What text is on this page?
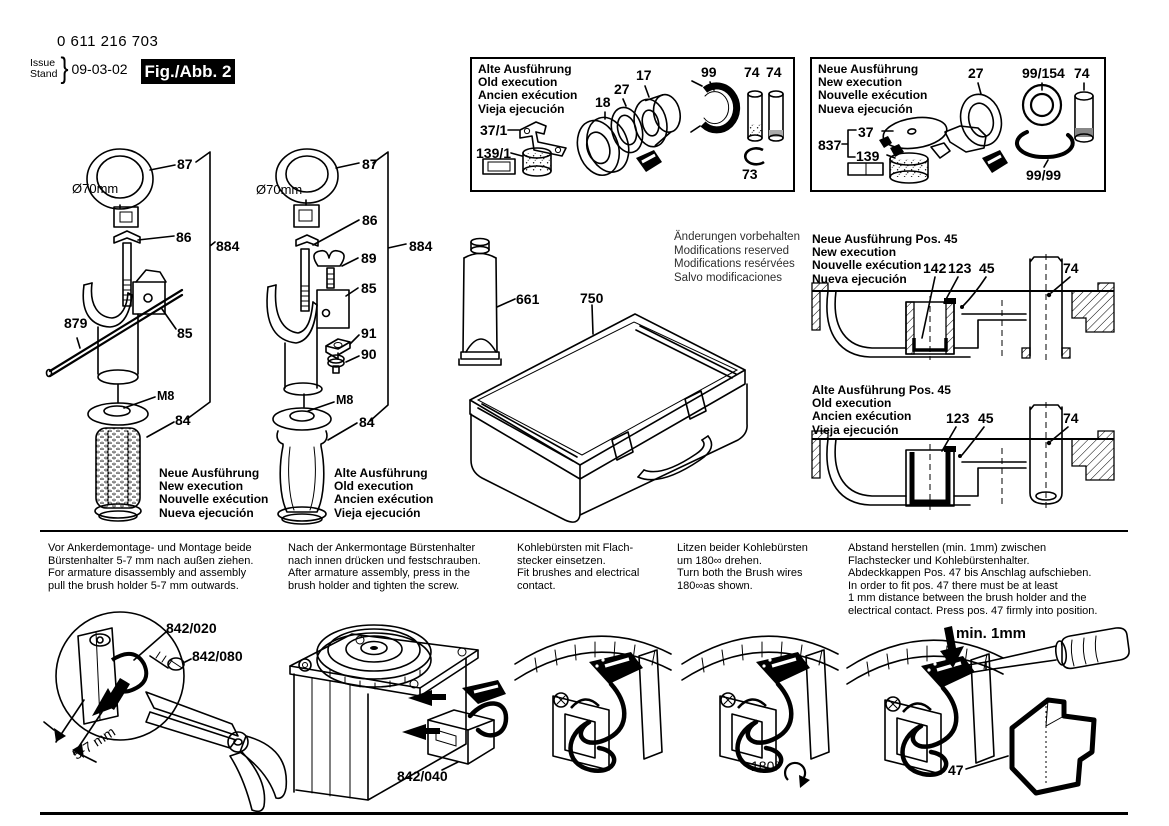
0 611 216 703
Issue
Stand } 09-03-02 Fig./Abb. 2
Ø70mm
87
86
884
879
85
M8
84
Neue Ausführung
New execution
Nouvelle exécution
Nueva ejecución
Ø70mm
87
86
884
89
85
91
90
M8
84
Alte Ausführung
Old execution
Ancien exécution
Vieja ejecución
Alte Ausführung
Old execution
Ancien exécution
Vieja ejecución
37/1
139/1
18
27
17	99 74 74
73
Neue Ausführung
New execution
Nouvelle exécution
Nueva ejecución
837
37
139
27	99/154 74
99/99
661	750
Änderungen vorbehalten
Modifications reserved
Modifications resérvées
Salvo modificaciones
Neue Ausführung Pos. 45
New execution
Nouvelle exécution
Nueva ejecución
142 123 45	74
Alte Ausführung Pos. 45
Old execution
Ancien exécution
Vieja ejecución
123 45	74
Vor Ankerdemontage- und Montage beide
Bürstenhalter 5-7 mm nach außen ziehen.
For armature disassembly and assembly
pull the brush holder 5-7 mm outwards.
Nach der Ankermontage Bürstenhalter
nach innen drücken und festschrauben.
After armature assembly, press in the
brush holder and tighten the screw.
Kohlebürsten mit Flach-
stecker einsetzen.
Fit brushes and electrical
contact.
Litzen beider Kohlebürsten
um 180∞ drehen.
Turn both the Brush wires
180∞as shown.
Abstand herstellen (min. 1mm) zwischen
Flachstecker und Kohlebürstenhalter.
Abdeckkappen Pos. 47 bis Anschlag aufschieben.
In order to fit pos. 47 there must be at least
1 mm distance between the brush holder and the
electrical contact. Press pos. 47 firmly into position.
842/020
842/080
5-7 mm
842/040
180°
min. 1mm
47
